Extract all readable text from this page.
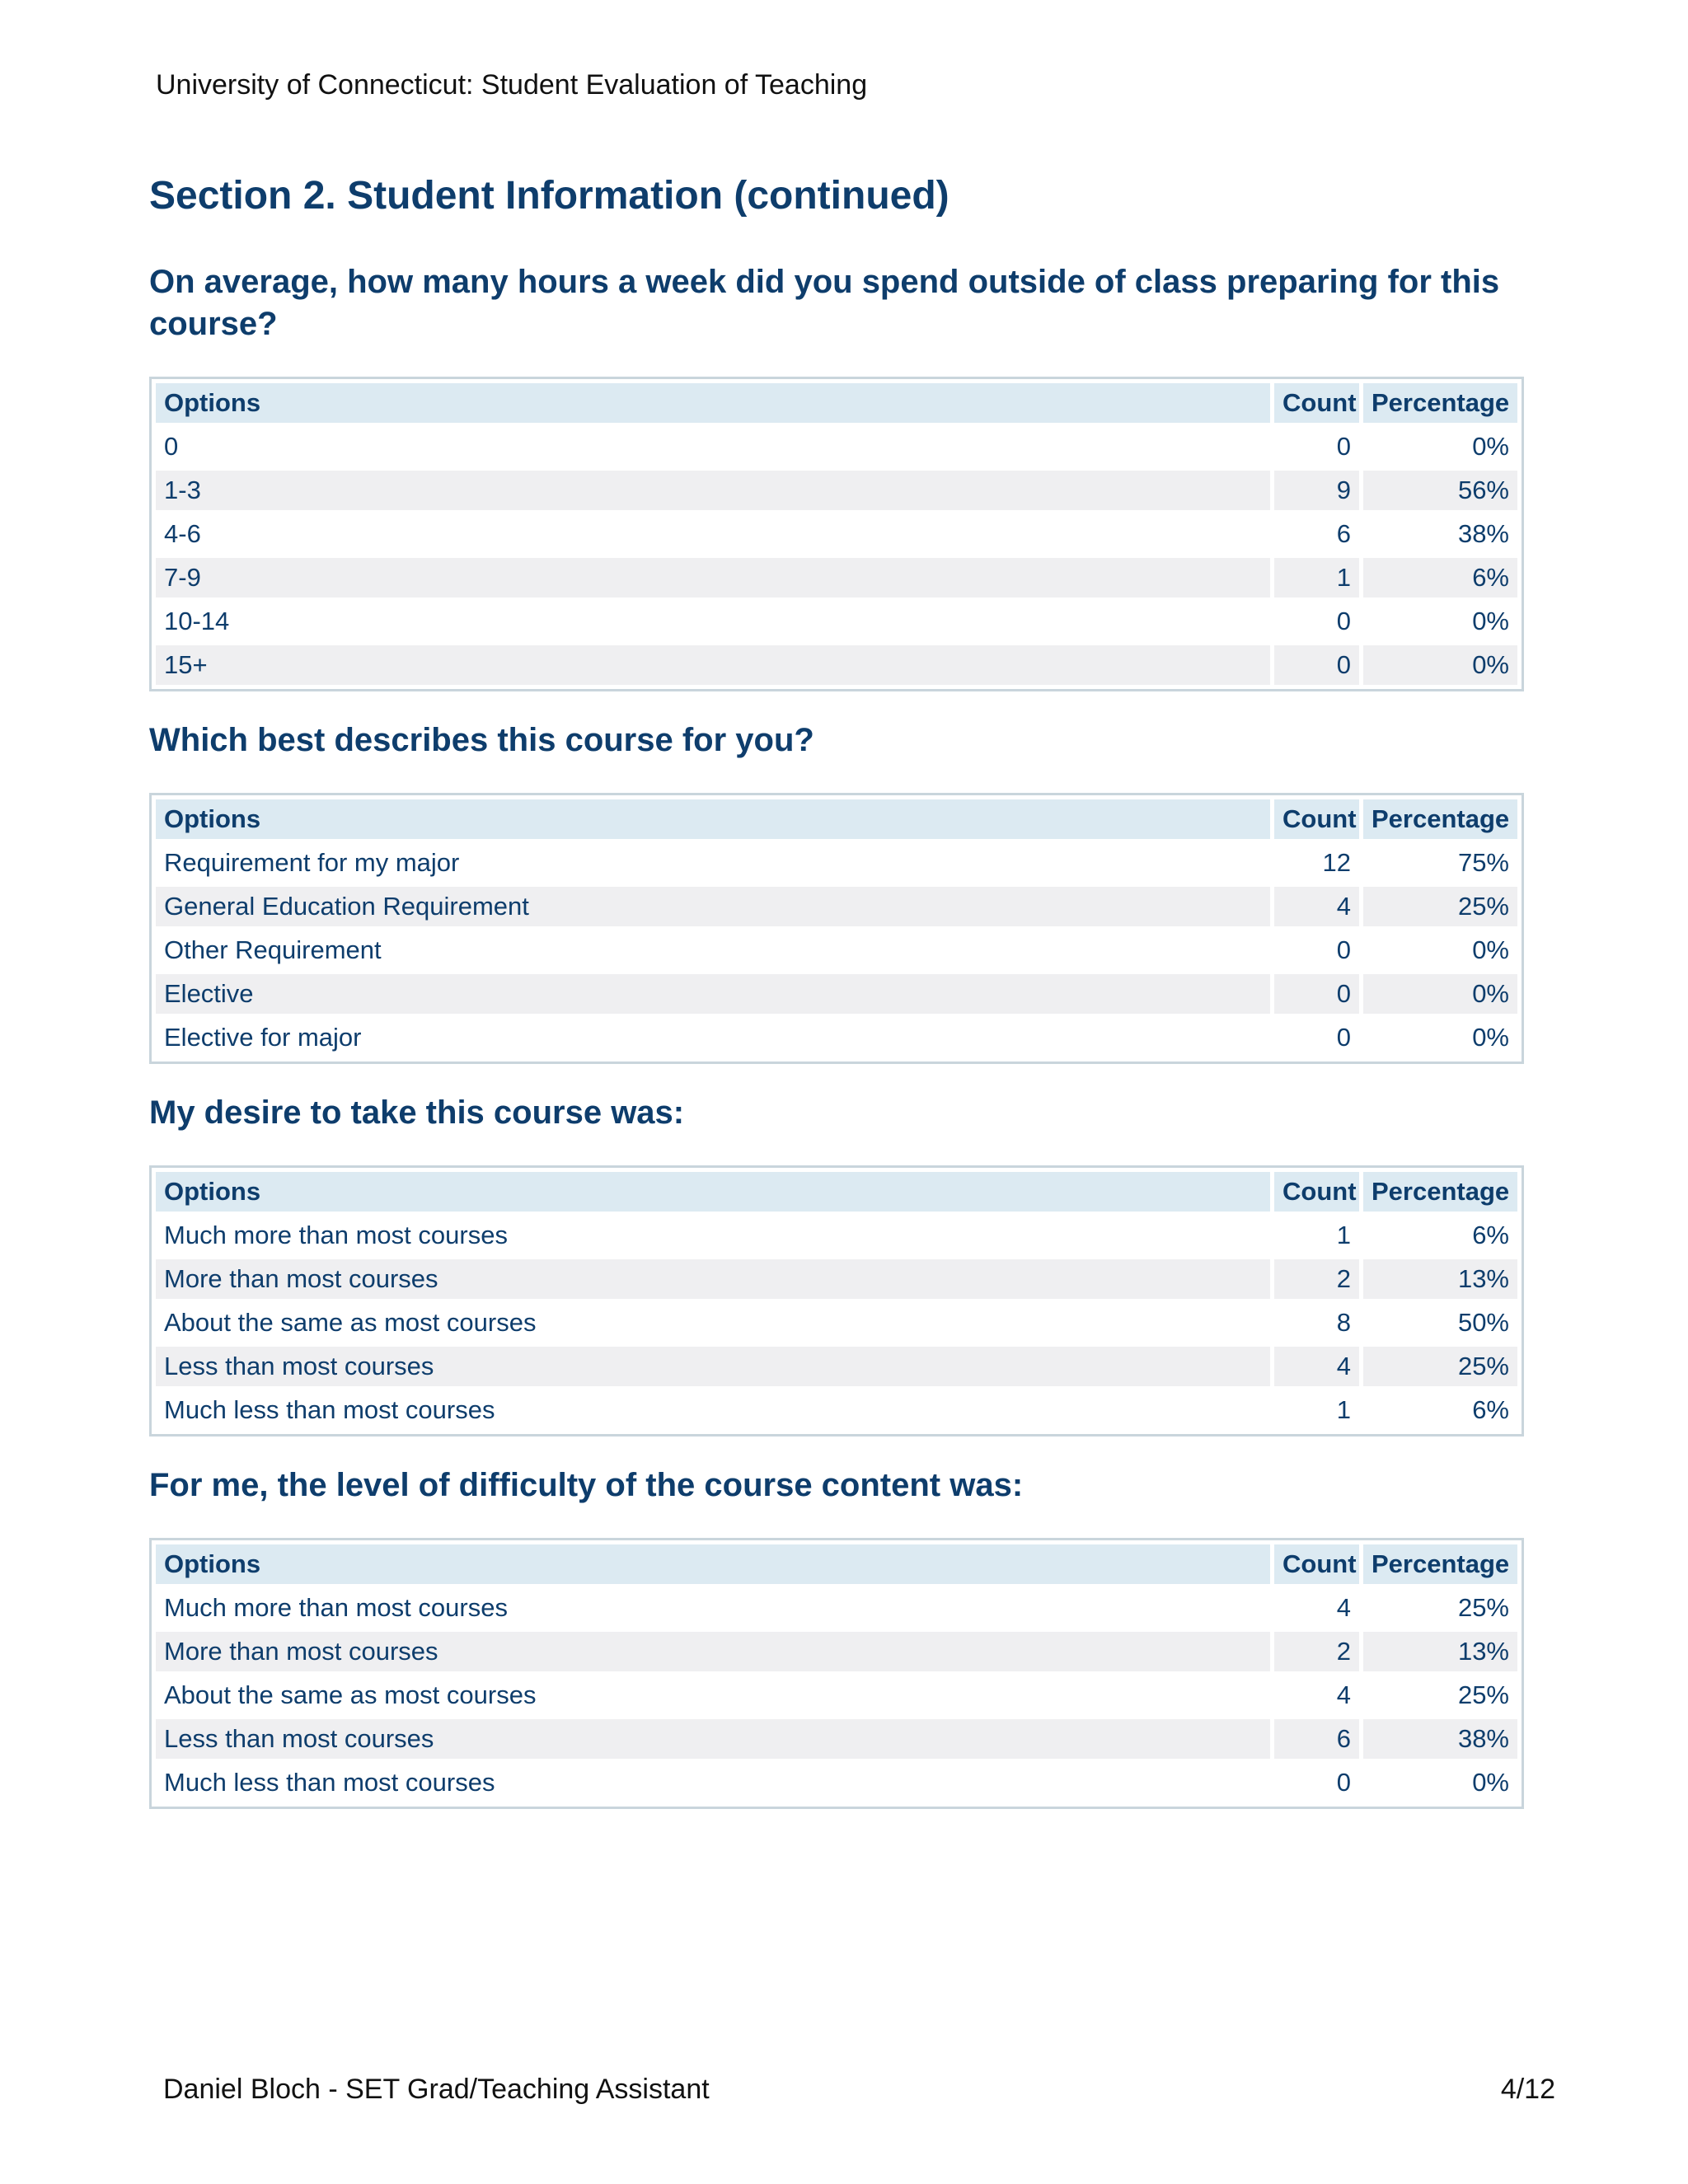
University of Connecticut: Student Evaluation of Teaching
Section 2. Student Information (continued)
On average, how many hours a week did you spend outside of class preparing for this course?
Options	Count	Percentage
0	0	0%
1-3	9	56%
4-6	6	38%
7-9	1	6%
10-14	0	0%
15+	0	0%
Which best describes this course for you?
Options	Count	Percentage
Requirement for my major	12	75%
General Education Requirement	4	25%
Other Requirement	0	0%
Elective	0	0%
Elective for major	0	0%
My desire to take this course was:
Options	Count	Percentage
Much more than most courses	1	6%
More than most courses	2	13%
About the same as most courses	8	50%
Less than most courses	4	25%
Much less than most courses	1	6%
For me, the level of difficulty of the course content was:
Options	Count	Percentage
Much more than most courses	4	25%
More than most courses	2	13%
About the same as most courses	4	25%
Less than most courses	6	38%
Much less than most courses	0	0%
Daniel Bloch - SET Grad/Teaching Assistant	4/12
